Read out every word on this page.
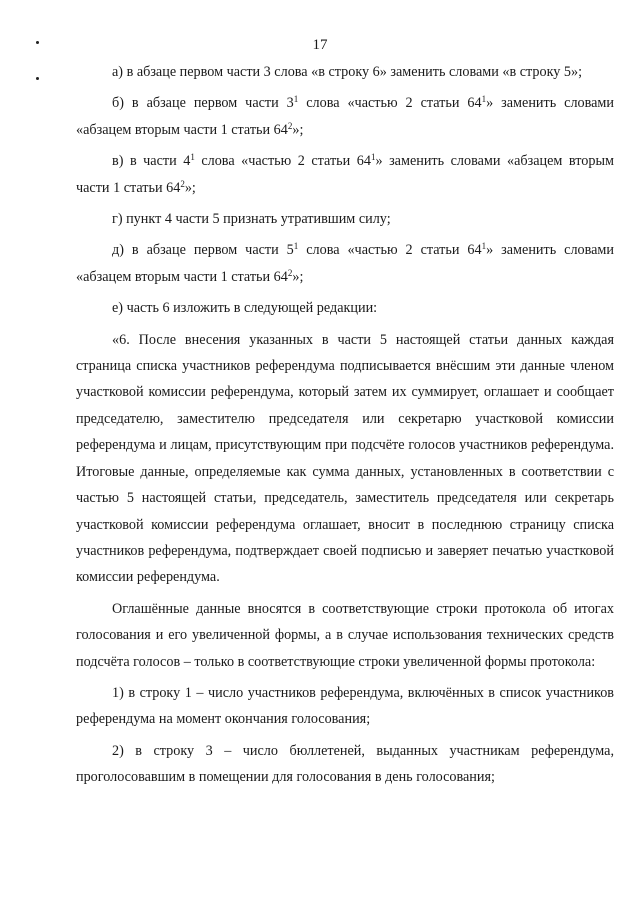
17

а) в абзаце первом части 3 слова «в строку 6» заменить словами «в строку 5»;

б) в абзаце первом части $3^1$ слова «частью 2 статьи $64^1$» заменить словами «абзацем вторым части 1 статьи $64^2$»;

в) в части $4^1$ слова «частью 2 статьи $64^1$» заменить словами «абзацем вторым части 1 статьи $64^2$»;

г) пункт 4 части 5 признать утратившим силу;

д) в абзаце первом части $5^1$ слова «частью 2 статьи $64^1$» заменить словами «абзацем вторым части 1 статьи $64^2$»;

е) часть 6 изложить в следующей редакции:

«6. После внесения указанных в части 5 настоящей статьи данных каждая страница списка участников референдума подписывается внёсшим эти данные членом участковой комиссии референдума, который затем их суммирует, оглашает и сообщает председателю, заместителю председателя или секретарю участковой комиссии референдума и лицам, присутствующим при подсчёте голосов участников референдума. Итоговые данные, определяемые как сумма данных, установленных в соответствии с частью 5 настоящей статьи, председатель, заместитель председателя или секретарь участковой комиссии референдума оглашает, вносит в последнюю страницу списка участников референдума, подтверждает своей подписью и заверяет печатью участковой комиссии референдума.

Оглашённые данные вносятся в соответствующие строки протокола об итогах голосования и его увеличенной формы, а в случае использования технических средств подсчёта голосов – только в соответствующие строки увеличенной формы протокола:

1) в строку 1 – число участников референдума, включённых в список участников референдума на момент окончания голосования;

2) в строку 3 – число бюллетеней, выданных участникам референдума, проголосовавшим в помещении для голосования в день голосования;
